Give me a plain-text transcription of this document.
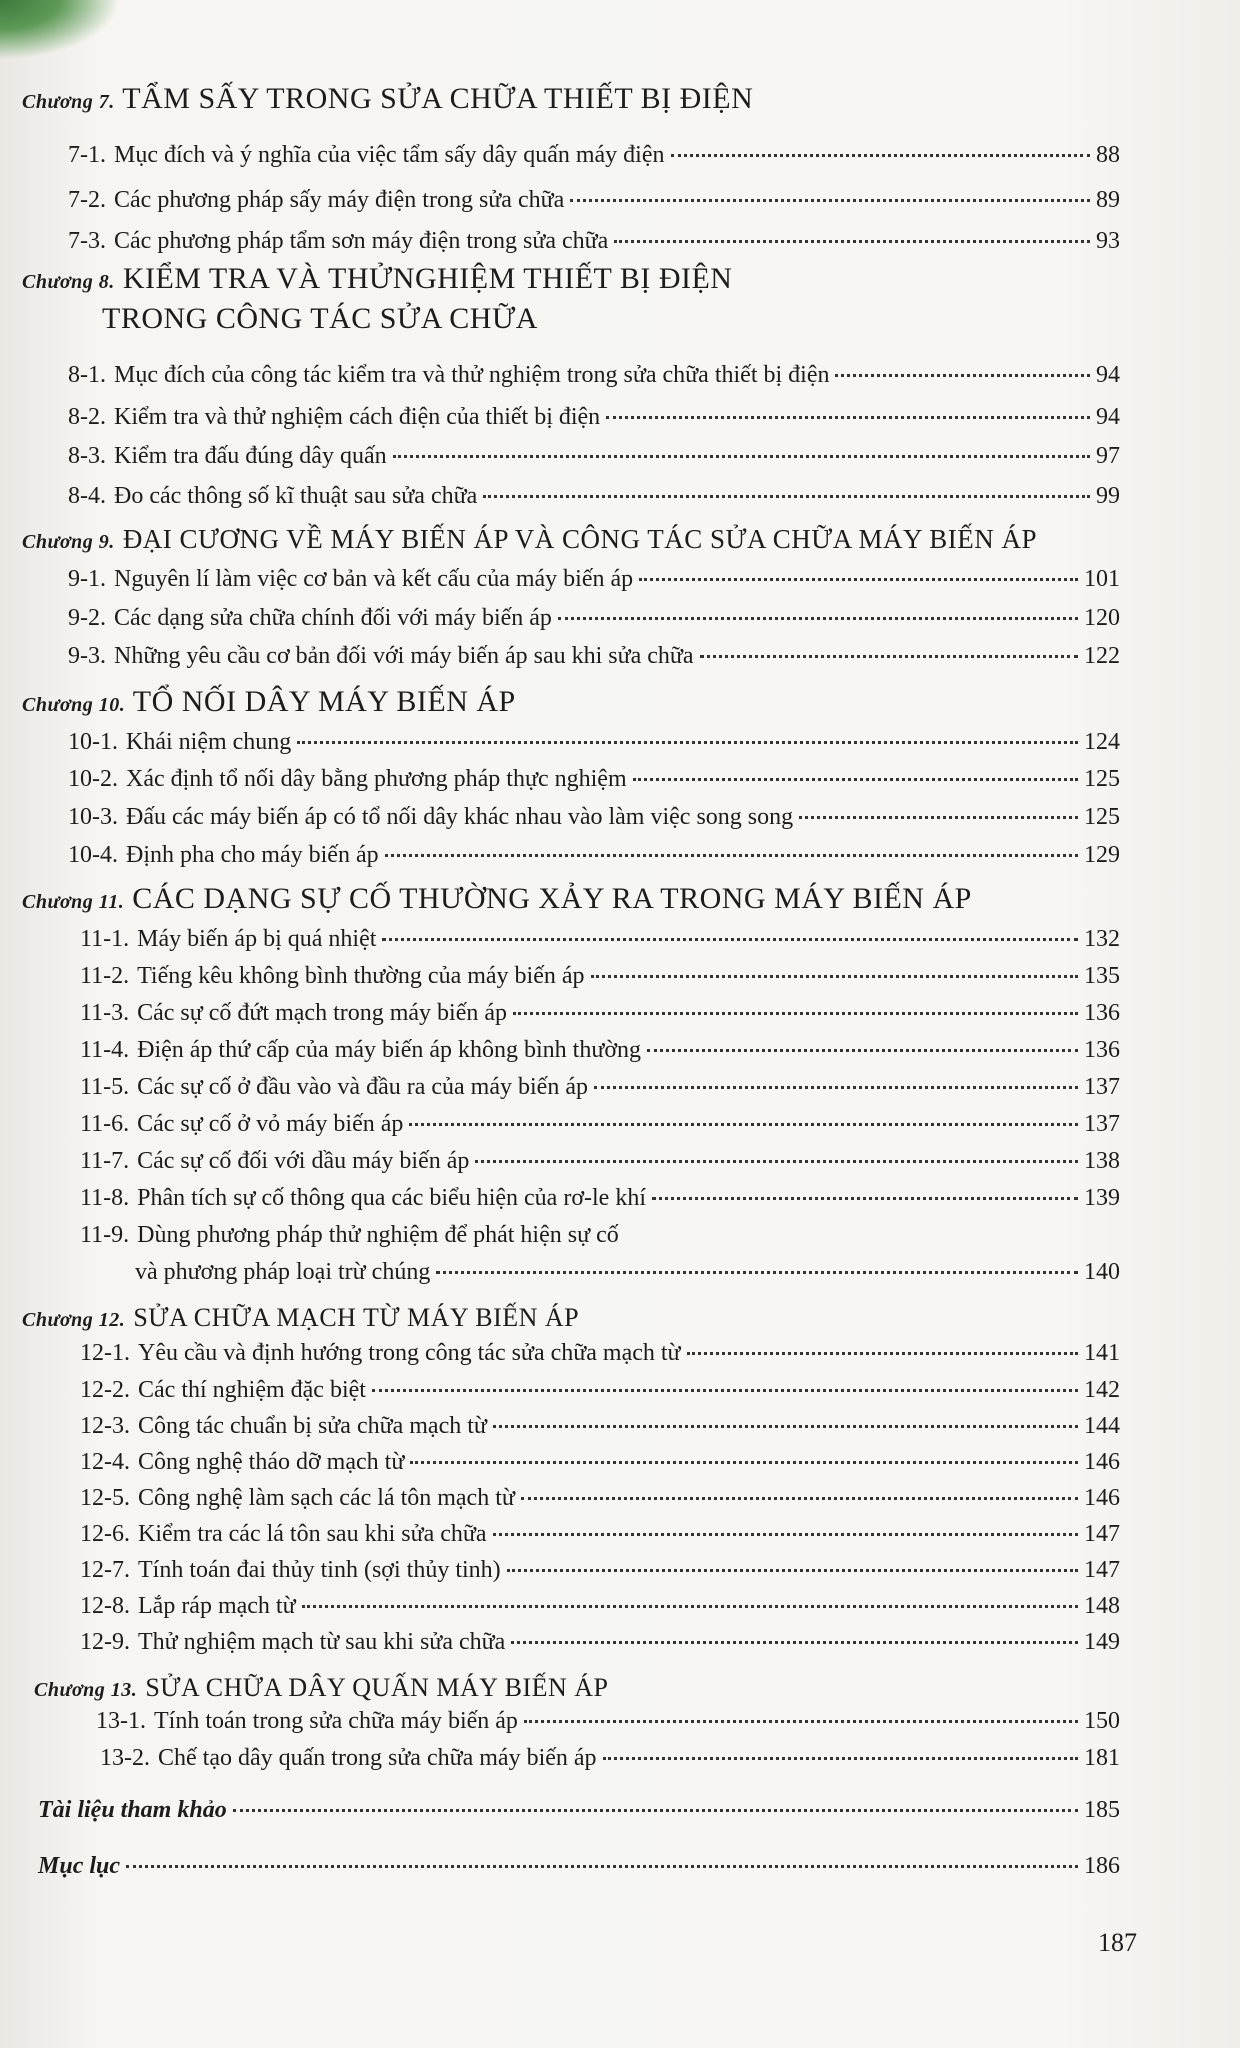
Chương 7. TẨM SẤY TRONG SỬA CHỮA THIẾT BỊ ĐIỆN
7-1. Mục đích và ý nghĩa của việc tẩm sấy dây quấn máy điện	88
7-2. Các phương pháp sấy máy điện trong sửa chữa	89
7-3. Các phương pháp tẩm sơn máy điện trong sửa chữa	93
Chương 8. KIỂM TRA VÀ THỬNGHIỆM THIẾT BỊ ĐIỆN
TRONG CÔNG TÁC SỬA CHỮA
8-1. Mục đích của công tác kiểm tra và thử nghiệm trong sửa chữa thiết bị điện	94
8-2. Kiểm tra và thử nghiệm cách điện của thiết bị điện	94
8-3. Kiểm tra đấu đúng dây quấn	97
8-4. Đo các thông số kĩ thuật sau sửa chữa	99
Chương 9. ĐẠI CƯƠNG VỀ MÁY BIẾN ÁP VÀ CÔNG TÁC SỬA CHỮA MÁY BIẾN ÁP
9-1. Nguyên lí làm việc cơ bản và kết cấu của máy biến áp	101
9-2. Các dạng sửa chữa chính đối với máy biến áp	120
9-3. Những yêu cầu cơ bản đối với máy biến áp sau khi sửa chữa	122
Chương 10. TỔ NỐI DÂY MÁY BIẾN ÁP
10-1. Khái niệm chung	124
10-2. Xác định tổ nối dây bằng phương pháp thực nghiệm	125
10-3. Đấu các máy biến áp có tổ nối dây khác nhau vào làm việc song song	125
10-4. Định pha cho máy biến áp	129
Chương 11. CÁC DẠNG SỰ CỐ THƯỜNG XẢY RA TRONG MÁY BIẾN ÁP
11-1. Máy biến áp bị quá nhiệt	132
11-2. Tiếng kêu không bình thường của máy biến áp	135
11-3. Các sự cố đứt mạch trong máy biến áp	136
11-4. Điện áp thứ cấp của máy biến áp không bình thường	136
11-5. Các sự cố ở đầu vào và đầu ra của máy biến áp	137
11-6. Các sự cố ở vỏ máy biến áp	137
11-7. Các sự cố đối với dầu máy biến áp	138
11-8. Phân tích sự cố thông qua các biểu hiện của rơ-le khí	139
11-9. Dùng phương pháp thử nghiệm để phát hiện sự cố
và phương pháp loại trừ chúng	140
Chương 12. SỬA CHỮA MẠCH TỪ MÁY BIẾN ÁP
12-1. Yêu cầu và định hướng trong công tác sửa chữa mạch từ	141
12-2. Các thí nghiệm đặc biệt	142
12-3. Công tác chuẩn bị sửa chữa mạch từ	144
12-4. Công nghệ tháo dỡ mạch từ	146
12-5. Công nghệ làm sạch các lá tôn mạch từ	146
12-6. Kiểm tra các lá tôn sau khi sửa chữa	147
12-7. Tính toán đai thủy tinh (sợi thủy tinh)	147
12-8. Lắp ráp mạch từ	148
12-9. Thử nghiệm mạch từ sau khi sửa chữa	149
Chương 13. SỬA CHỮA DÂY QUẤN MÁY BIẾN ÁP
13-1. Tính toán trong sửa chữa máy biến áp	150
13-2. Chế tạo dây quấn trong sửa chữa máy biến áp	181
Tài liệu tham khảo	185
Mục lục	186
187
